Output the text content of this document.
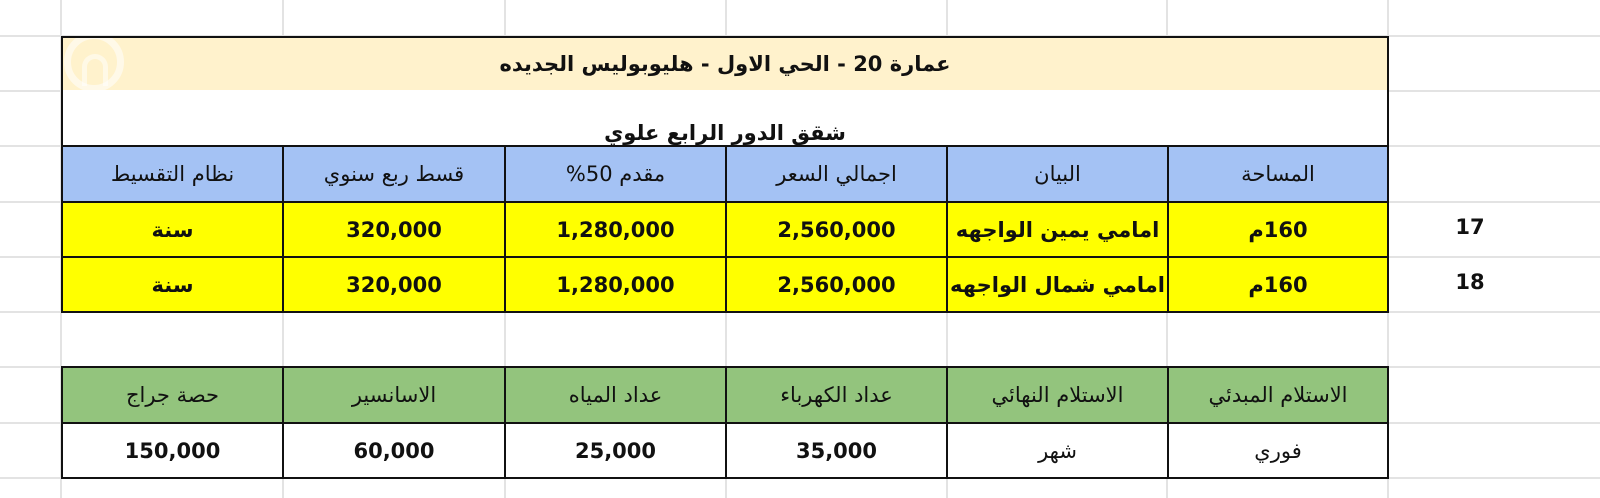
عمارة 20 - الحي الاول - هليوبوليس الجديده
شقق الدور الرابع علوي
المساحة
البيان
اجمالي السعر
مقدم 50%
قسط ربع سنوي
نظام التقسيط
160م
امامي يمين الواجهه
2,560,000
1,280,000
320,000
سنة	17
160م
امامي شمال الواجهه
2,560,000
1,280,000
320,000
سنة	18
الاستلام المبدئي
الاستلام النهائي
عداد الكهرباء
عداد المياه
الاسانسير
حصة جراج
فوري
شهر
35,000
25,000
60,000
150,000
